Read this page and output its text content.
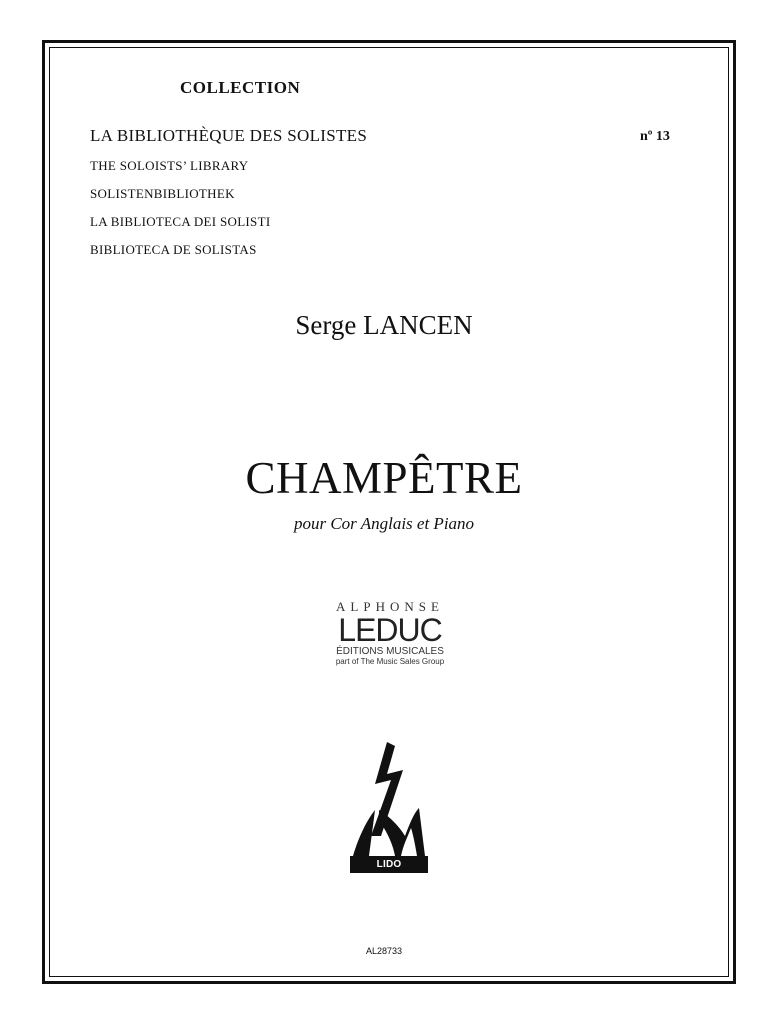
COLLECTION
LA BIBLIOTHÈQUE DES SOLISTES
THE SOLOISTS’ LIBRARY
SOLISTENBIBLIOTHEK
LA BIBLIOTECA DEI SOLISTI
BIBLIOTECA DE SOLISTAS
nº 13
Serge LANCEN
CHAMPÊTRE
pour Cor Anglais et Piano
ALPHONSE
LEDUC
ÉDITIONS MUSICALES
part of The Music Sales Group
LIDO MELODIES
AL28733
